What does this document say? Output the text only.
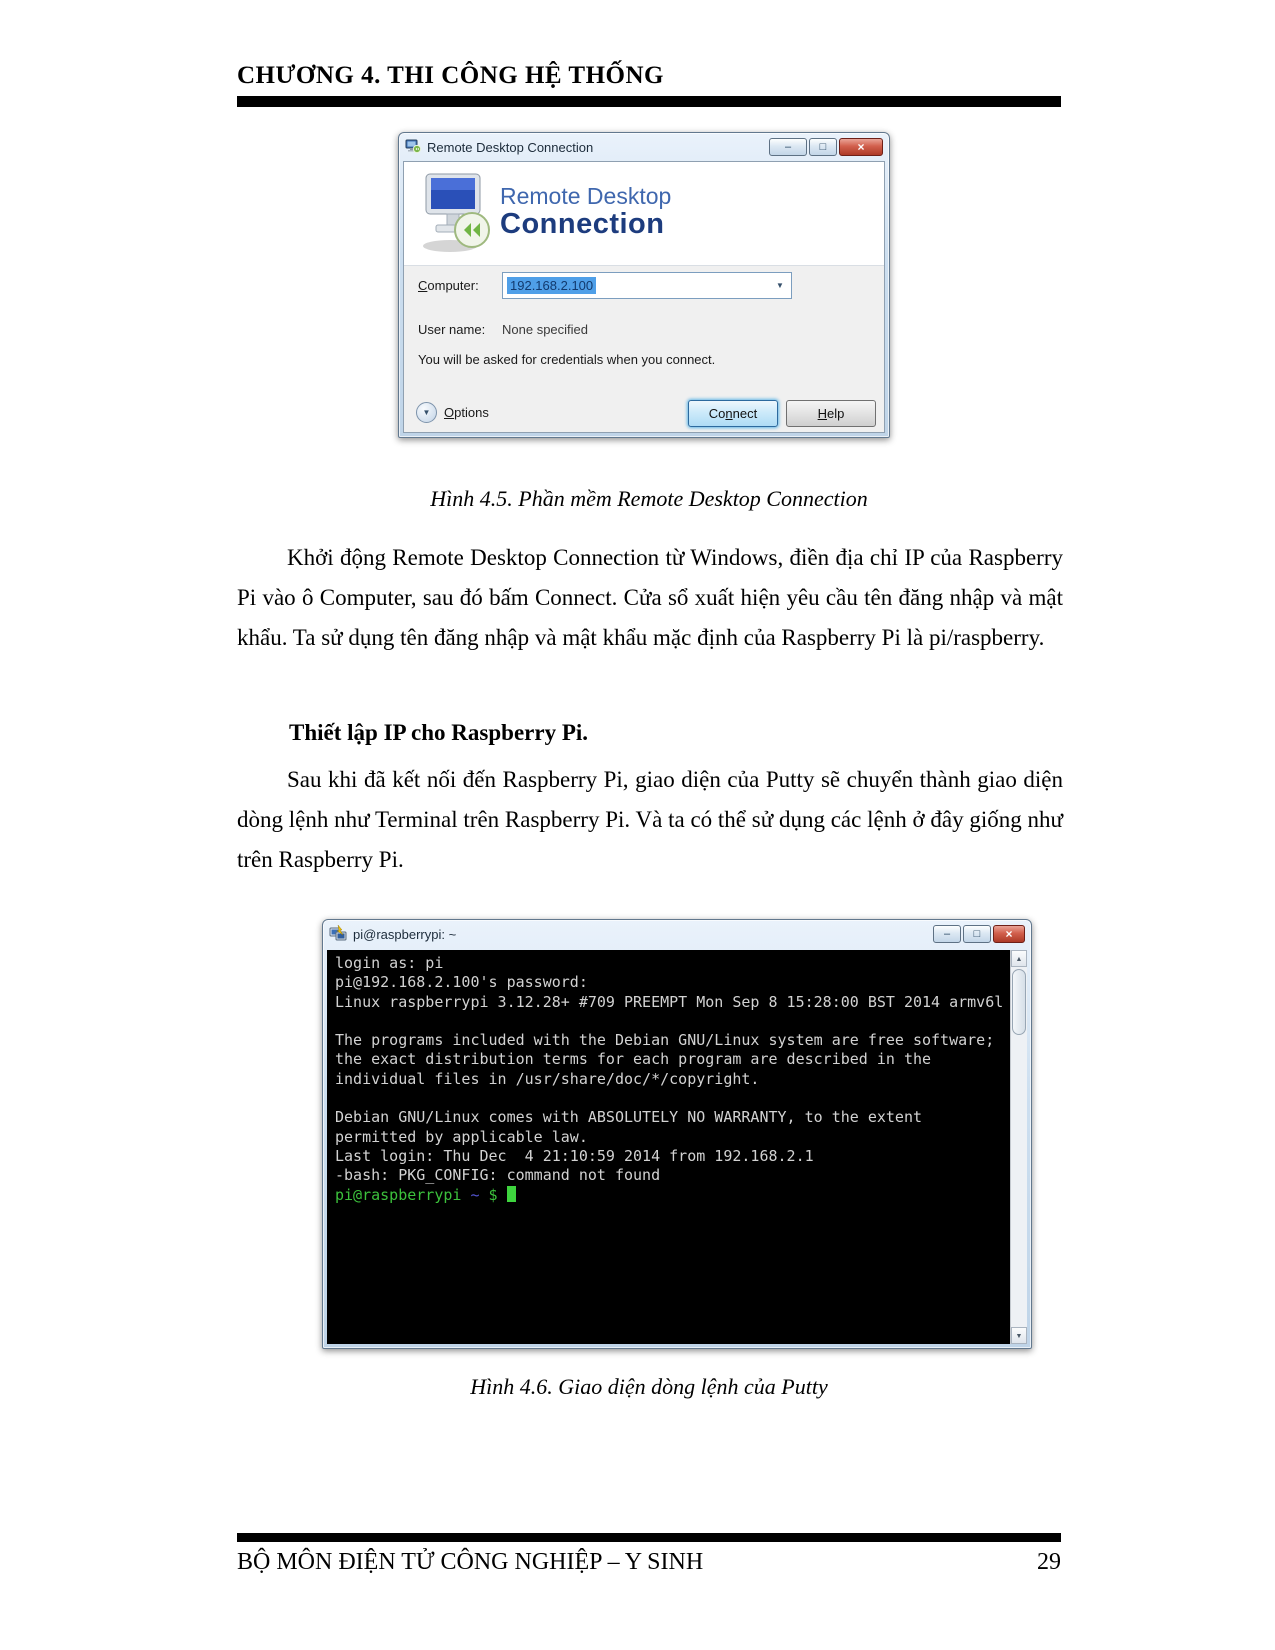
CHƯƠNG 4. THI CÔNG HỆ THỐNG
Remote Desktop Connection	–	□	×
Remote Desktop
Connection
Computer: 192.168.2.100	▼
User name: None specified
You will be asked for credentials when you connect.
▼ Options	Connect	Help
Hình 4.5. Phần mềm Remote Desktop Connection
Khởi động Remote Desktop Connection từ Windows, điền địa chỉ IP của Raspberry Pi vào ô Computer, sau đó bấm Connect. Cửa sổ xuất hiện yêu cầu tên đăng nhập và mật khẩu. Ta sử dụng tên đăng nhập và mật khẩu mặc định của Raspberry Pi là pi/raspberry.
Thiết lập IP cho Raspberry Pi.
Sau khi đã kết nối đến Raspberry Pi, giao diện của Putty sẽ chuyển thành giao diện dòng lệnh như Terminal trên Raspberry Pi. Và ta có thể sử dụng các lệnh ở đây giống như trên Raspberry Pi.
pi@raspberrypi: ~	– □ ×
login as: pi
pi@192.168.2.100's password:
Linux raspberrypi 3.12.28+ #709 PREEMPT Mon Sep 8 15:28:00 BST 2014 armv6l

The programs included with the Debian GNU/Linux system are free software;
the exact distribution terms for each program are described in the
individual files in /usr/share/doc/*/copyright.

Debian GNU/Linux comes with ABSOLUTELY NO WARRANTY, to the extent
permitted by applicable law.
Last login: Thu Dec  4 21:10:59 2014 from 192.168.2.1
-bash: PKG_CONFIG: command not found
pi@raspberrypi ~ $
▲
▼
Hình 4.6. Giao diện dòng lệnh của Putty
BỘ MÔN ĐIỆN TỬ CÔNG NGHIỆP – Y SINH	29
